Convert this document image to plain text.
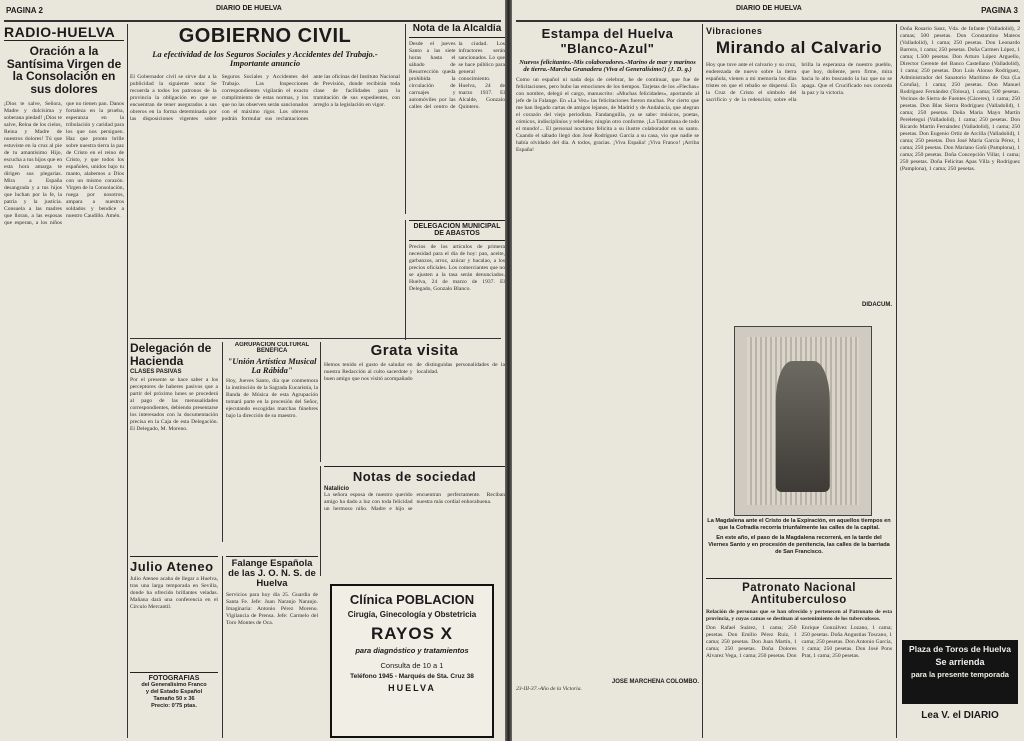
PAGINA 2	DIARIO DE HUELVA
RADIO-HUELVA
Oración a la Santísima Virgen de la Consolación en sus dolores
¡Dios te salve, Señora, Madre y dulcísima y soberana piedad! ¡Dios te salve, Reina de los cielos, Reina y Madre de nuestros dolores! Tú que estuviste en la cruz al pie de tu amantísimo Hijo, escucha a tus hijos que en esta hora amarga te dirigen sus plegarias. Mira a España desangrada y a tus hijos que luchan por la fe, la patria y la justicia. Consuela a las madres que lloran, a las esposas que esperan, a los niños que no tienen pan. Danos fortaleza en la prueba, esperanza en la tribulación y caridad para los que nos persiguen. Haz que pronto brille sobre nuestra tierra la paz de Cristo en el reino de Cristo, y que todos los españoles, unidos bajo tu manto, alabemos a Dios con un mismo corazón. Virgen de la Consolación, ruega por nosotros, ampara a nuestros soldados y bendice a nuestro Caudillo. Amén.
GOBIERNO CIVIL
La efectividad de los Seguros Sociales y Accidentes del Trabajo.-Importante anuncio
El Gobernador civil se sirve dar a la publicidad la siguiente nota: Se recuerda a todos los patronos de la provincia la obligación en que se encuentran de tener asegurados a sus obreros en la forma determinada por las disposiciones vigentes sobre Seguros Sociales y Accidentes del Trabajo. Las Inspecciones correspondientes vigilarán el exacto cumplimiento de estas normas, y los que no las observen serán sancionados con el máximo rigor. Los obreros podrán formular sus reclamaciones ante las oficinas del Instituto Nacional de Previsión, donde recibirán toda clase de facilidades para la tramitación de sus expedientes, con arreglo a la legislación en vigor.
Nota de la Alcaldía
Desde el jueves Santo a las siete horas hasta el sábado de Resurrección queda prohibida la circulación de carruajes y automóviles por las calles del centro de la ciudad. Los infractores serán sancionados. Lo que se hace público para general conocimiento. Huelva, 24 de marzo 1937. El Alcalde, Gonzalo Quintero.
DELEGACION MUNICIPAL DE ABASTOS
Precios de los artículos de primera necesidad para el día de hoy: pan, aceite, garbanzos, arroz, azúcar y bacalao, a los precios oficiales. Los comerciantes que no se ajusten a la tasa serán denunciados. Huelva, 24 de marzo de 1937. El Delegado, Gonzalo Blanco.
Delegación de Hacienda
CLASES PASIVAS
Por el presente se hace saber a los perceptores de haberes pasivos que a partir del próximo lunes se procederá al pago de las mensualidades correspondientes, debiendo presentarse los interesados con la documentación precisa en la Caja de esta Delegación. El Delegado, M. Moreno.
AGRUPACION CULTURAL BENEFICA
"Unión Artística Musical La Rábida"
Hoy, Jueves Santo, día que conmemora la institución de la Sagrada Eucaristía, la Banda de Música de esta Agrupación tomará parte en la procesión del Señor, ejecutando escogidas marchas fúnebres bajo la dirección de su maestro.
Grata visita
Hemos tenido el gusto de saludar en nuestra Redacción al culto sacerdote y buen amigo que nos visitó acompañado de distinguidas personalidades de la localidad.
Notas de sociedad
Natalicio
La señora esposa de nuestro querido amigo ha dado a luz con toda felicidad un hermoso niño. Madre e hijo se encuentran perfectamente. Reciban nuestra más cordial enhorabuena.
Julio Ateneo
Julio Ateneo acaba de llegar a Huelva, tras una larga temporada en Sevilla, donde ha ofrecido brillantes veladas. Mañana dará una conferencia en el Círculo Mercantil.
Falange Española de las J. O. N. S. de Huelva
Servicios para hoy día 25. Guardia de Santa Fe. Jefe: Juan Naranjo Naranjo. Imaginaria: Antonio Pérez Moreno. Vigilancia de Prensa. Jefe: Carmelo del Toro Montes de Oca.
Clínica POBLACION
Cirugía, Ginecología y Obstetricia
RAYOS X
para diagnóstico y tratamientos
Consulta de 10 a 1
Teléfono 1945 - Marqués de Sta. Cruz 38
HUELVA
FOTOGRAFIAS
del Generalísimo Franco
y del Estado Español
Tamaño 50 x 36
Precio: 0'75 ptas.
DIARIO DE HUELVA	PAGINA 3
Estampa del Huelva "Blanco-Azul"
Nuevos felicitantes.-Mis colaboradores.-Marino de mar y marinos de tierra.-Marcha Granadera (Viva el Generalísimo!) (J. D. g.)
Como un español ni nada deja de celebrar, he de continuar, que fue de felicitaciones, pero hubo las emociones de los tiempos. Tarjetas de los «Flechas» con nombre, delegó el cargo, manuscrito: «Muchas felicidades», aportando al jefe de la Falange. En «La Vez» las felicitaciones fueron muchas. Por cierto que me han llegado cartas de amigos lejanos, de Madrid y de Andalucía, que alegran el corazón del viejo periodista. Fandanguilla, ya se sabe: músicos, poetas, cómicos, indiscipliníos y rebeldes; ningún otro conforme. ¡La Tarambana de todo el mundo!... El personal nocturno felicita a su ilustre colaborador en su santo. Cuando el sábado llegó don José Rodríguez García a su casa, vio que nadie se había olvidado del día. A todos, gracias. ¡Viva España! ¡Viva Franco! ¡Arriba España!
JOSE MARCHENA COLOMBO.
23-III-37.-Año de la Victoria.
Vibraciones
Mirando al Calvario
Hoy que tuve ante el calvario y su cruz, enderezada de nuevo sobre la tierra española, vienen a mi memoria los días tristes en que el rebaño se dispersó. Es la Cruz de Cristo el símbolo del sacrificio y de la redención; sobre ella brilla la esperanza de nuestro pueblo, que hoy, doliente, pero firme, mira hacia lo alto buscando la luz que no se apaga. Que el Crucificado nos conceda la paz y la victoria.
DIDACUM.
La Magdalena ante el Cristo de la Expiración, en aquellos tiempos en que la Cofradía recorría triunfalmente las calles de la capital.
En este año, el paso de la Magdalena recorrerá, en la tarde del Viernes Santo y en procesión de penitencia, las calles de la barriada de San Francisco.
Patronato Nacional Antituberculoso
Relación de personas que se han ofrecido y pertenecen al Patronato de esta provincia, y cuyas camas se destinan al sostenimiento de los tuberculosos.
Don Rafael Suárez, 1 cama; 250 pesetas. Don Emilio Pérez Ruiz, 1 cama; 250 pesetas. Don Juan Martín, 1 cama; 250 pesetas. Doña Dolores Alvarez Vega, 1 cama; 250 pesetas. Don Enrique Gonzálvez Lozano, 1 cama; 250 pesetas. Doña Angustias Toscano, 1 cama; 250 pesetas. Don Antonio García, 1 cama; 250 pesetas. Don José Pons Prat, 1 cama; 250 pesetas.
Doña Rosario Sanz, Vda. de Infante (Valladolid), 2 camas; 500 pesetas. Don Constantino Mateos (Valladolid), 1 cama; 250 pesetas. Don Leonardo Barrera, 1 cama; 250 pesetas. Doña Carmen López, 1 cama; 1.500 pesetas. Don Arturo López Arguello, Director Gerente del Banco Castellano (Valladolid), 1 cama; 250 pesetas. Don Luis Alonso Rodríguez, Administrador del Sanatorio Marítimo de Oza (La Coruña), 1 cama; 250 pesetas. Don Manuel Rodríguez Fernández (Tolosa), 1 cama; 500 pesetas. Vecinos de Sierra de Fuentes (Cáceres), 1 cama; 250 pesetas. Don Blas Sierra Rodríguez (Valladolid), 1 cama; 250 pesetas. Doña María Mayo Martín Pereletegui (Valladolid), 1 cama; 250 pesetas. Don Ricardo Martín Fernández (Valladolid), 1 cama; 250 pesetas. Don Eugenio Ortiz de Arcilla (Valladolid), 1 cama; 250 pesetas. Don José María García Pérez, 1 cama; 250 pesetas. Don Mariano Goñi (Pamplona), 1 cama; 250 pesetas. Doña Concepción Villar, 1 cama; 250 pesetas. Doña Felicitas Apas Villa y Rodríguez (Pamplona), 1 cama; 250 pesetas.
Plaza de Toros de Huelva
Se arrienda
para la presente temporada
Lea V. el DIARIO
